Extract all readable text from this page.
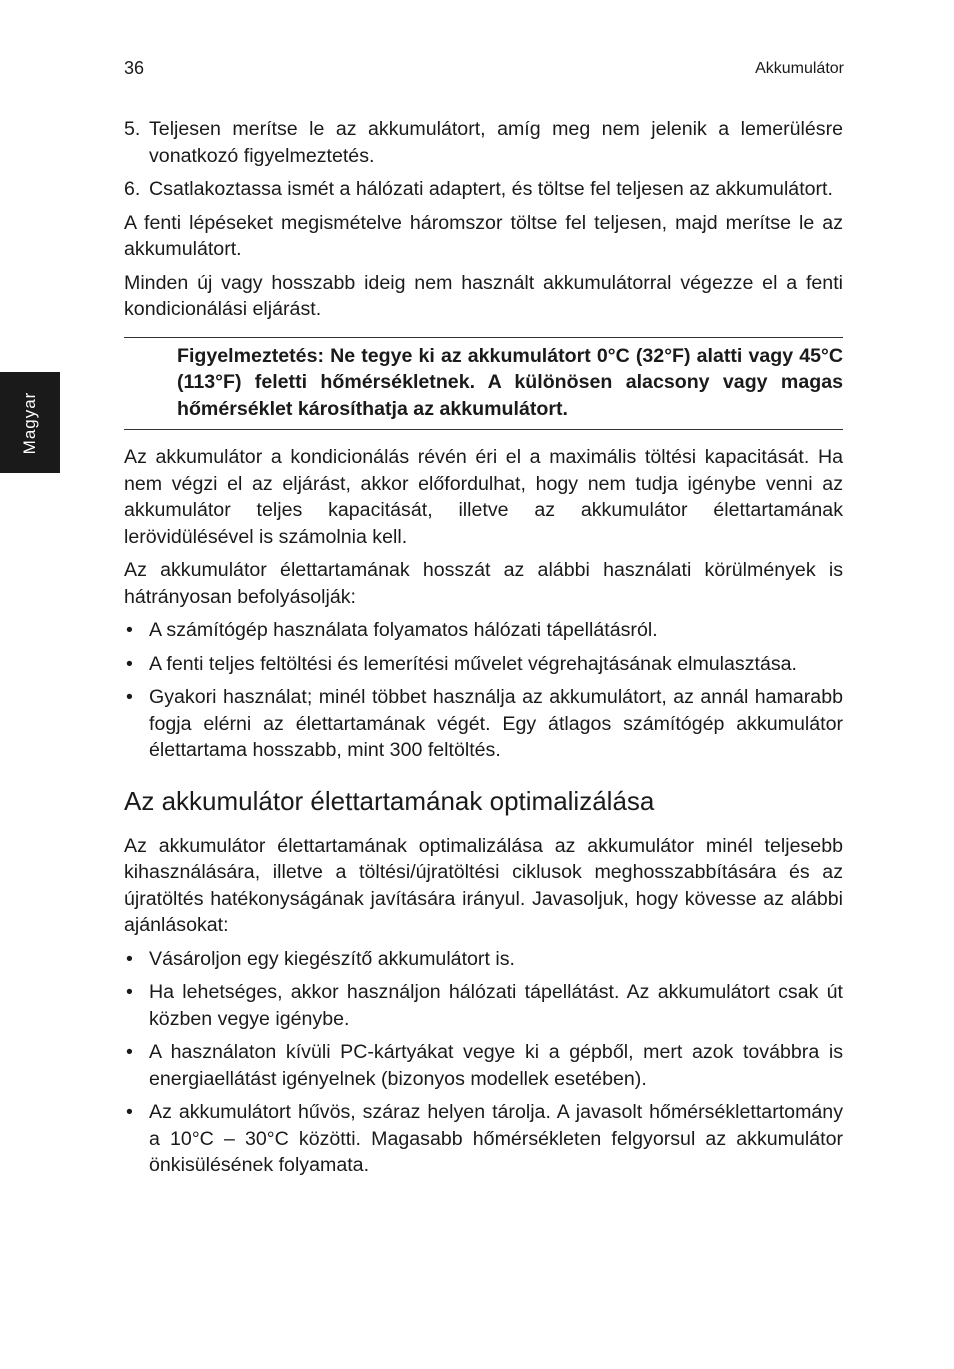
36	Akkumulátor
Magyar
5. Teljesen merítse le az akkumulátort, amíg meg nem jelenik a lemerülésre vonatkozó figyelmeztetés.
6. Csatlakoztassa ismét a hálózati adaptert, és töltse fel teljesen az akkumulátort.

A fenti lépéseket megismételve háromszor töltse fel teljesen, majd merítse le az akkumulátort.

Minden új vagy hosszabb ideig nem használt akkumulátorral végezze el a fenti kondicionálási eljárást.

Figyelmeztetés: Ne tegye ki az akkumulátort 0°C (32°F) alatti vagy 45°C (113°F) feletti hőmérsékletnek. A különösen alacsony vagy magas hőmérséklet károsíthatja az akkumulátort.

Az akkumulátor a kondicionálás révén éri el a maximális töltési kapacitását. Ha nem végzi el az eljárást, akkor előfordulhat, hogy nem tudja igénybe venni az akkumulátor teljes kapacitását, illetve az akkumulátor élettartamának lerövidülésével is számolnia kell.

Az akkumulátor élettartamának hosszát az alábbi használati körülmények is hátrányosan befolyásolják:

• A számítógép használata folyamatos hálózati tápellátásról.
• A fenti teljes feltöltési és lemerítési művelet végrehajtásának elmulasztása.
• Gyakori használat; minél többet használja az akkumulátort, az annál hamarabb fogja elérni az élettartamának végét. Egy átlagos számítógép akkumulátor élettartama hosszabb, mint 300 feltöltés.
Az akkumulátor élettartamának optimalizálása

Az akkumulátor élettartamának optimalizálása az akkumulátor minél teljesebb kihasználására, illetve a töltési/újratöltési ciklusok meghosszabbítására és az újratöltés hatékonyságának javítására irányul. Javasoljuk, hogy kövesse az alábbi ajánlásokat:

• Vásároljon egy kiegészítő akkumulátort is.
• Ha lehetséges, akkor használjon hálózati tápellátást. Az akkumulátort csak út közben vegye igénybe.
• A használaton kívüli PC-kártyákat vegye ki a gépből, mert azok továbbra is energiaellátást igényelnek (bizonyos modellek esetében).
• Az akkumulátort hűvös, száraz helyen tárolja. A javasolt hőmérséklettartomány a 10°C – 30°C közötti. Magasabb hőmérsékleten felgyorsul az akkumulátor önkisülésének folyamata.
